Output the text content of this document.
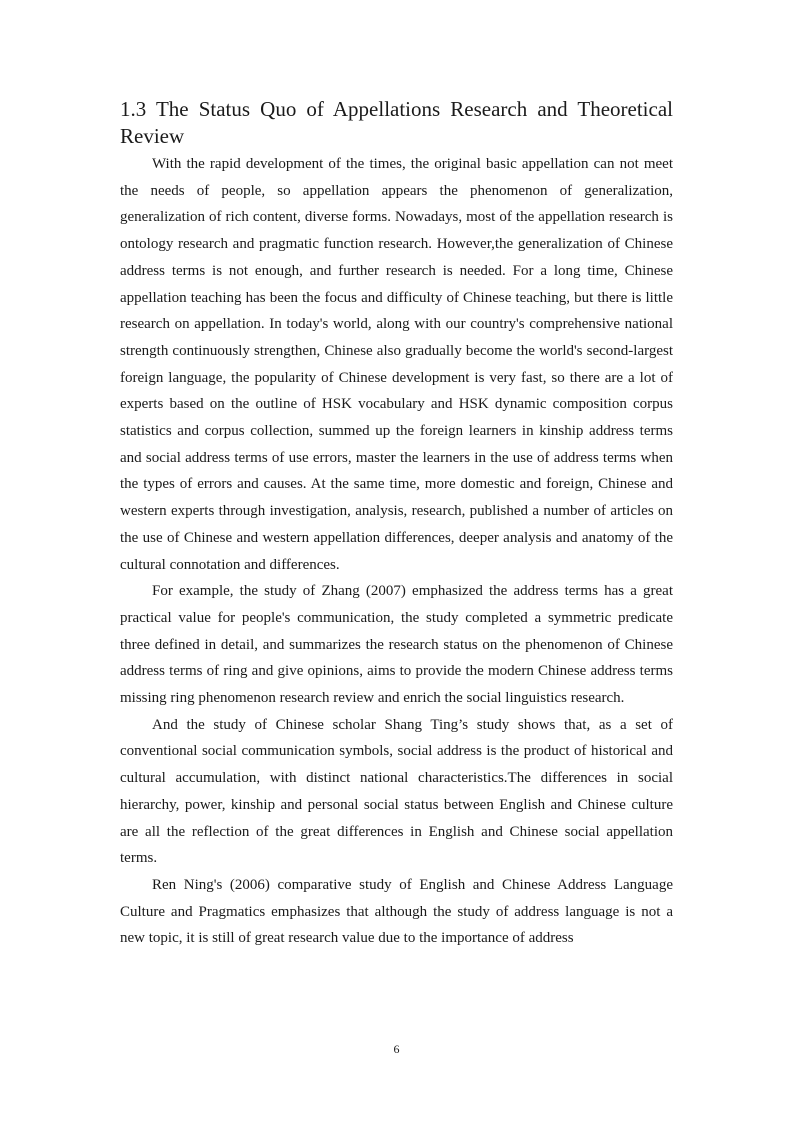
1.3 The Status Quo of Appellations Research and Theoretical Review

With the rapid development of the times, the original basic appellation can not meet the needs of people, so appellation appears the phenomenon of generalization, generalization of rich content, diverse forms. Nowadays, most of the appellation research is ontology research and pragmatic function research. However,the generalization of Chinese address terms is not enough, and further research is needed. For a long time, Chinese appellation teaching has been the focus and difficulty of Chinese teaching, but there is little research on appellation. In today's world, along with our country's comprehensive national strength continuously strengthen, Chinese also gradually become the world's second-largest foreign language, the popularity of Chinese development is very fast, so there are a lot of experts based on the outline of HSK vocabulary and HSK dynamic composition corpus statistics and corpus collection, summed up the foreign learners in kinship address terms and social address terms of use errors, master the learners in the use of address terms when the types of errors and causes. At the same time, more domestic and foreign, Chinese and western experts through investigation, analysis, research, published a number of articles on the use of Chinese and western appellation differences, deeper analysis and anatomy of the cultural connotation and differences.

For example, the study of Zhang (2007) emphasized the address terms has a great practical value for people's communication, the study completed a symmetric predicate three defined in detail, and summarizes the research status on the phenomenon of Chinese address terms of ring and give opinions, aims to provide the modern Chinese address terms missing ring phenomenon research review and enrich the social linguistics research.

And the study of Chinese scholar Shang Ting’s study shows that, as a set of conventional social communication symbols, social address is the product of historical and cultural accumulation, with distinct national characteristics.The differences in social hierarchy, power, kinship and personal social status between English and Chinese culture are all the reflection of the great differences in English and Chinese social appellation terms.

Ren Ning's (2006) comparative study of English and Chinese Address Language Culture and Pragmatics emphasizes that although the study of address language is not a new topic, it is still of great research value due to the importance of address

6
